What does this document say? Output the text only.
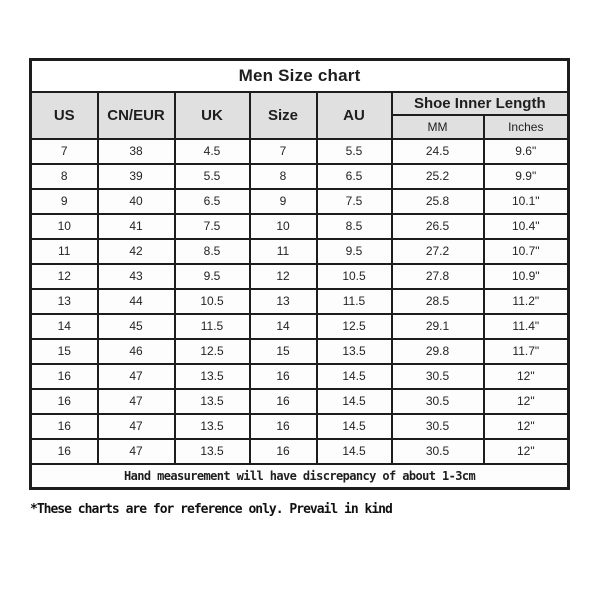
Men Size chart						
US	CN/EUR	UK	Size	AU	Shoe Inner Length	
					MM	Inches
7	38	4.5	7	5.5	24.5	9.6"
8	39	5.5	8	6.5	25.2	9.9"
9	40	6.5	9	7.5	25.8	10.1"
10	41	7.5	10	8.5	26.5	10.4"
11	42	8.5	11	9.5	27.2	10.7"
12	43	9.5	12	10.5	27.8	10.9"
13	44	10.5	13	11.5	28.5	11.2"
14	45	11.5	14	12.5	29.1	11.4"
15	46	12.5	15	13.5	29.8	11.7"
16	47	13.5	16	14.5	30.5	12"
16	47	13.5	16	14.5	30.5	12"
16	47	13.5	16	14.5	30.5	12"
16	47	13.5	16	14.5	30.5	12"
Hand measurement will have discrepancy of about 1-3cm						
*These charts are for reference only. Prevail in kind
